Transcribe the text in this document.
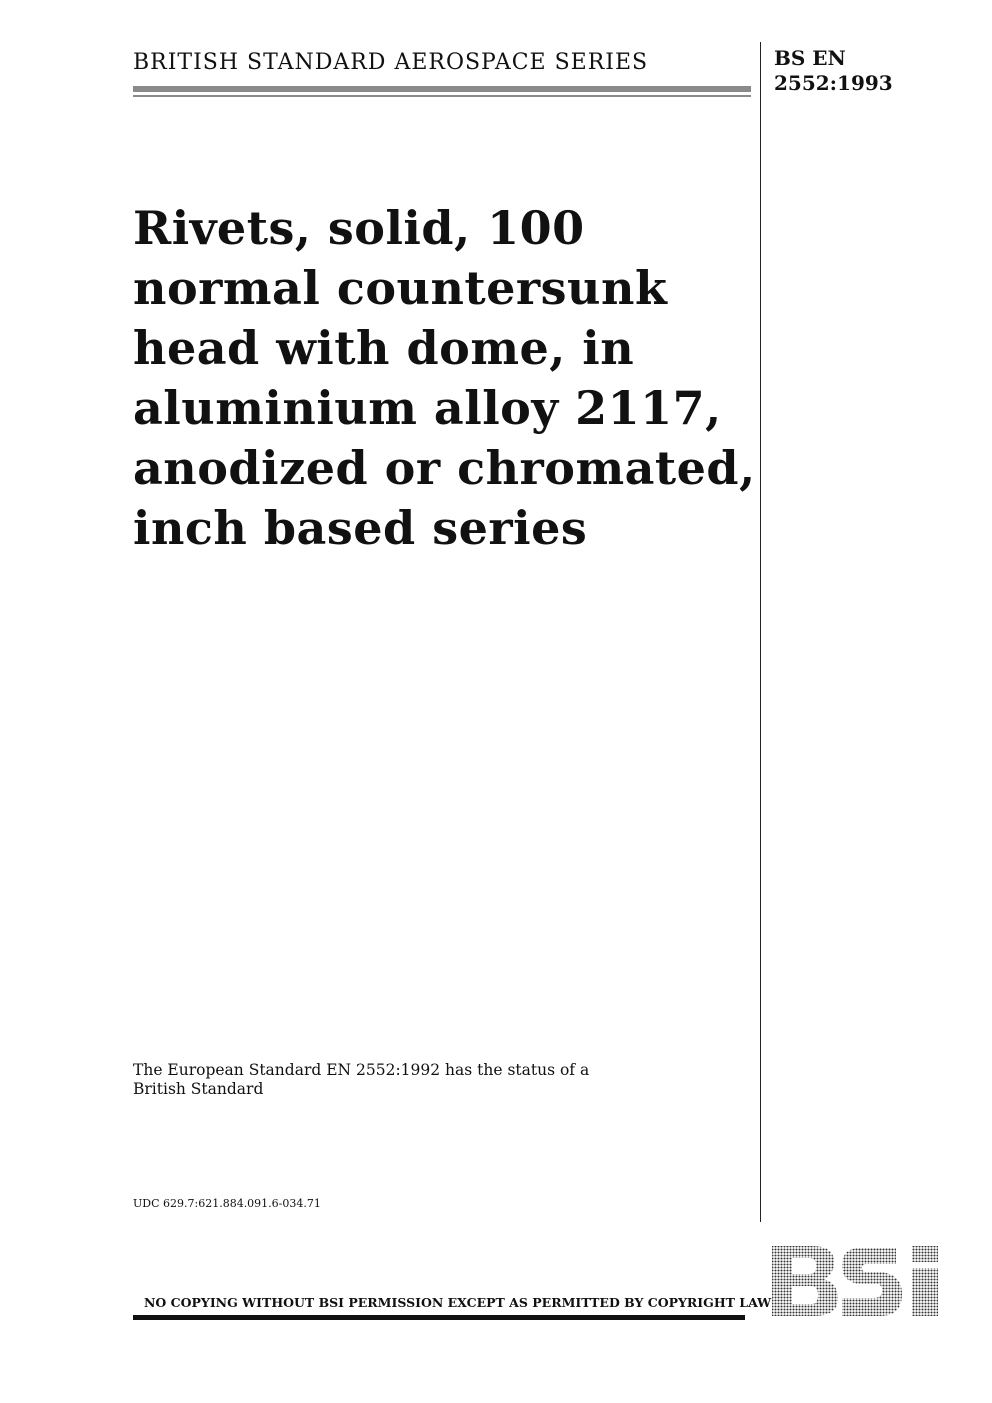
BRITISH STANDARD AEROSPACE SERIES	BS EN
2552:1993
Rivets, solid, 100
normal countersunk
head with dome, in
aluminium alloy 2117,
anodized or chromated,
inch based series
The European Standard EN 2552:1992 has the status of a British Standard
UDC 629.7:621.884.091.6-034.71
NO COPYING WITHOUT BSI PERMISSION EXCEPT AS PERMITTED BY COPYRIGHT LAW
